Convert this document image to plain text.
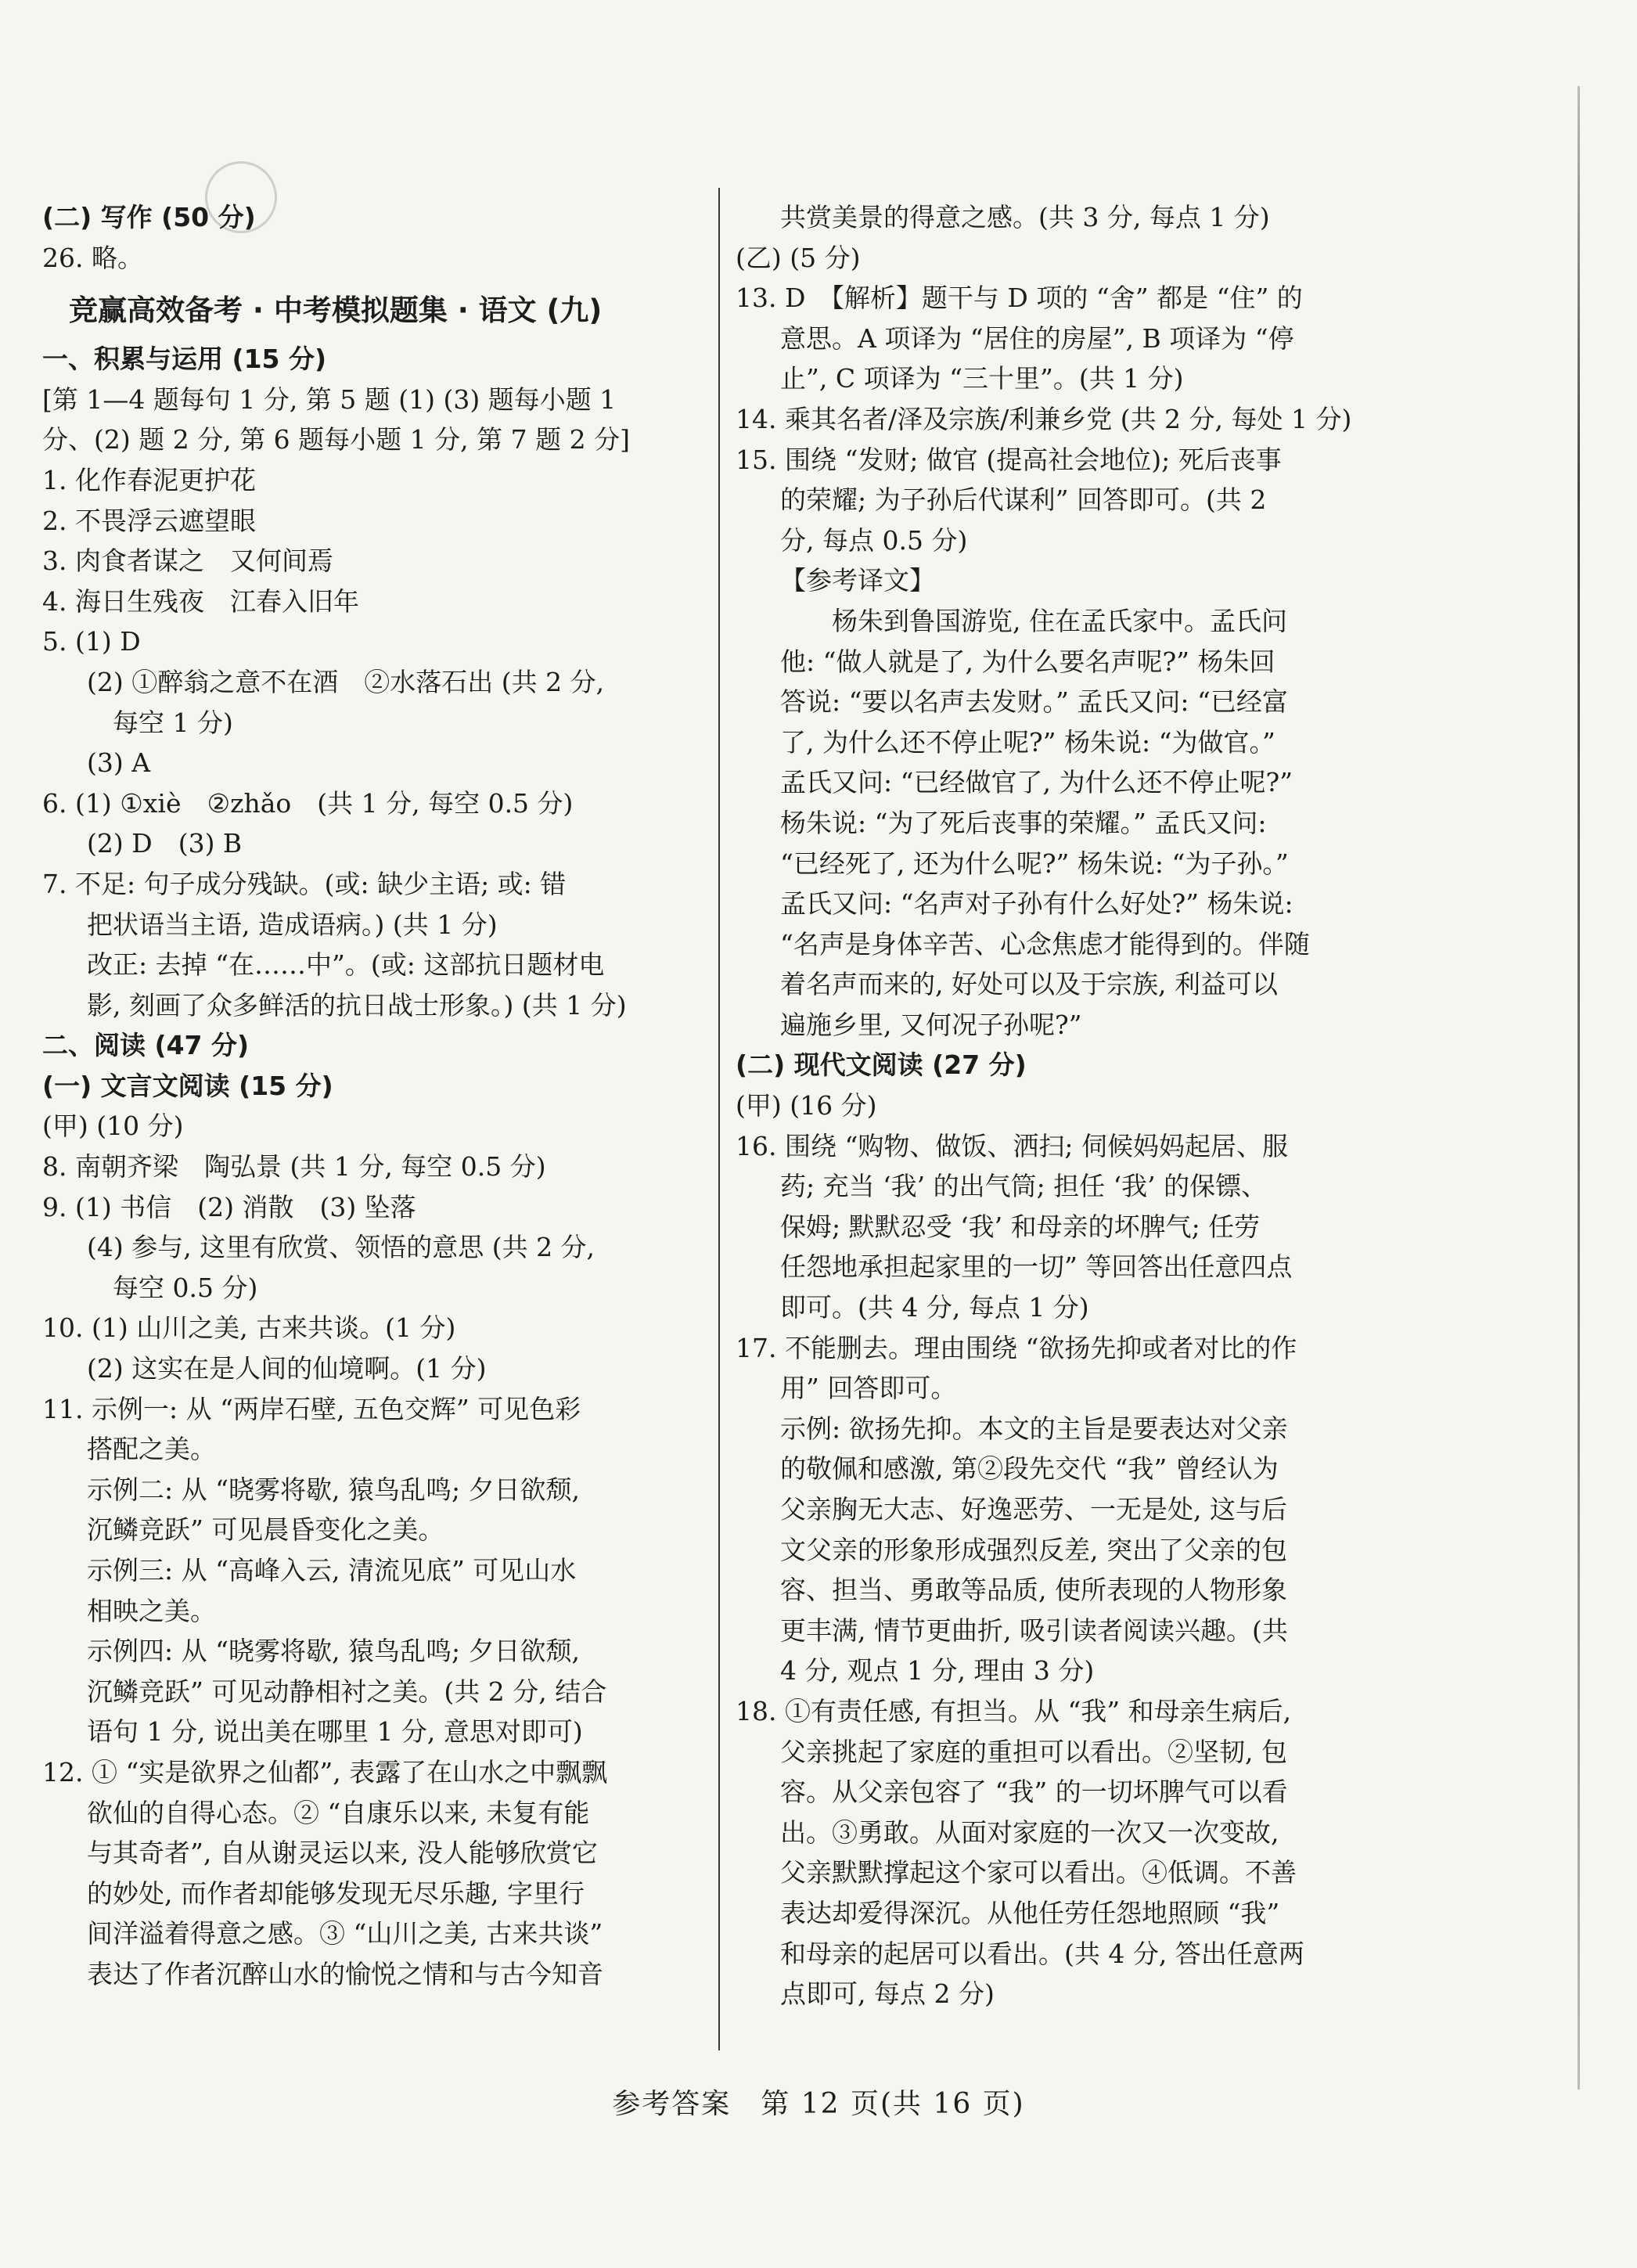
(二) 写作 (50 分)
26. 略。
竞赢高效备考 · 中考模拟题集 · 语文 (九)
一、积累与运用 (15 分)
[第 1—4 题每句 1 分, 第 5 题 (1) (3) 题每小题 1
分、(2) 题 2 分, 第 6 题每小题 1 分, 第 7 题 2 分]
1. 化作春泥更护花
2. 不畏浮云遮望眼
3. 肉食者谋之　又何间焉
4. 海日生残夜　江春入旧年
5. (1) D
(2) ①醉翁之意不在酒　②水落石出 (共 2 分,
每空 1 分)
(3) A
6. (1) ①xiè　②zhǎo　(共 1 分, 每空 0.5 分)
(2) D　(3) B
7. 不足: 句子成分残缺。(或: 缺少主语; 或: 错
把状语当主语, 造成语病。) (共 1 分)
改正: 去掉 “在……中”。(或: 这部抗日题材电
影, 刻画了众多鲜活的抗日战士形象。) (共 1 分)
二、阅读 (47 分)
(一) 文言文阅读 (15 分)
(甲) (10 分)
8. 南朝齐梁　陶弘景 (共 1 分, 每空 0.5 分)
9. (1) 书信　(2) 消散　(3) 坠落
(4) 参与, 这里有欣赏、领悟的意思 (共 2 分,
每空 0.5 分)
10. (1) 山川之美, 古来共谈。(1 分)
(2) 这实在是人间的仙境啊。(1 分)
11. 示例一: 从 “两岸石壁, 五色交辉” 可见色彩
搭配之美。
示例二: 从 “晓雾将歇, 猿鸟乱鸣; 夕日欲颓,
沉鳞竞跃” 可见晨昏变化之美。
示例三: 从 “高峰入云, 清流见底” 可见山水
相映之美。
示例四: 从 “晓雾将歇, 猿鸟乱鸣; 夕日欲颓,
沉鳞竞跃” 可见动静相衬之美。(共 2 分, 结合
语句 1 分, 说出美在哪里 1 分, 意思对即可)
12. ① “实是欲界之仙都”, 表露了在山水之中飘飘
欲仙的自得心态。② “自康乐以来, 未复有能
与其奇者”, 自从谢灵运以来, 没人能够欣赏它
的妙处, 而作者却能够发现无尽乐趣, 字里行
间洋溢着得意之感。③ “山川之美, 古来共谈”
表达了作者沉醉山水的愉悦之情和与古今知音
共赏美景的得意之感。(共 3 分, 每点 1 分)
(乙) (5 分)
13. D　【解析】题干与 D 项的 “舍” 都是 “住” 的
意思。A 项译为 “居住的房屋”, B 项译为 “停
止”, C 项译为 “三十里”。(共 1 分)
14. 乘其名者/泽及宗族/利兼乡党 (共 2 分, 每处 1 分)
15. 围绕 “发财; 做官 (提高社会地位); 死后丧事
的荣耀; 为子孙后代谋利” 回答即可。(共 2
分, 每点 0.5 分)
【参考译文】
　杨朱到鲁国游览, 住在孟氏家中。孟氏问
他: “做人就是了, 为什么要名声呢?” 杨朱回
答说: “要以名声去发财。” 孟氏又问: “已经富
了, 为什么还不停止呢?” 杨朱说: “为做官。”
孟氏又问: “已经做官了, 为什么还不停止呢?”
杨朱说: “为了死后丧事的荣耀。” 孟氏又问:
“已经死了, 还为什么呢?” 杨朱说: “为子孙。”
孟氏又问: “名声对子孙有什么好处?” 杨朱说:
“名声是身体辛苦、心念焦虑才能得到的。伴随
着名声而来的, 好处可以及于宗族, 利益可以
遍施乡里, 又何况子孙呢?”
(二) 现代文阅读 (27 分)
(甲) (16 分)
16. 围绕 “购物、做饭、洒扫; 伺候妈妈起居、服
药; 充当 ‘我’ 的出气筒; 担任 ‘我’ 的保镖、
保姆; 默默忍受 ‘我’ 和母亲的坏脾气; 任劳
任怨地承担起家里的一切” 等回答出任意四点
即可。(共 4 分, 每点 1 分)
17. 不能删去。理由围绕 “欲扬先抑或者对比的作
用” 回答即可。
示例: 欲扬先抑。本文的主旨是要表达对父亲
的敬佩和感激, 第②段先交代 “我” 曾经认为
父亲胸无大志、好逸恶劳、一无是处, 这与后
文父亲的形象形成强烈反差, 突出了父亲的包
容、担当、勇敢等品质, 使所表现的人物形象
更丰满, 情节更曲折, 吸引读者阅读兴趣。(共
4 分, 观点 1 分, 理由 3 分)
18. ①有责任感, 有担当。从 “我” 和母亲生病后,
父亲挑起了家庭的重担可以看出。②坚韧, 包
容。从父亲包容了 “我” 的一切坏脾气可以看
出。③勇敢。从面对家庭的一次又一次变故,
父亲默默撑起这个家可以看出。④低调。不善
表达却爱得深沉。从他任劳任怨地照顾 “我”
和母亲的起居可以看出。(共 4 分, 答出任意两
点即可, 每点 2 分)
参考答案　第 12 页(共 16 页)
